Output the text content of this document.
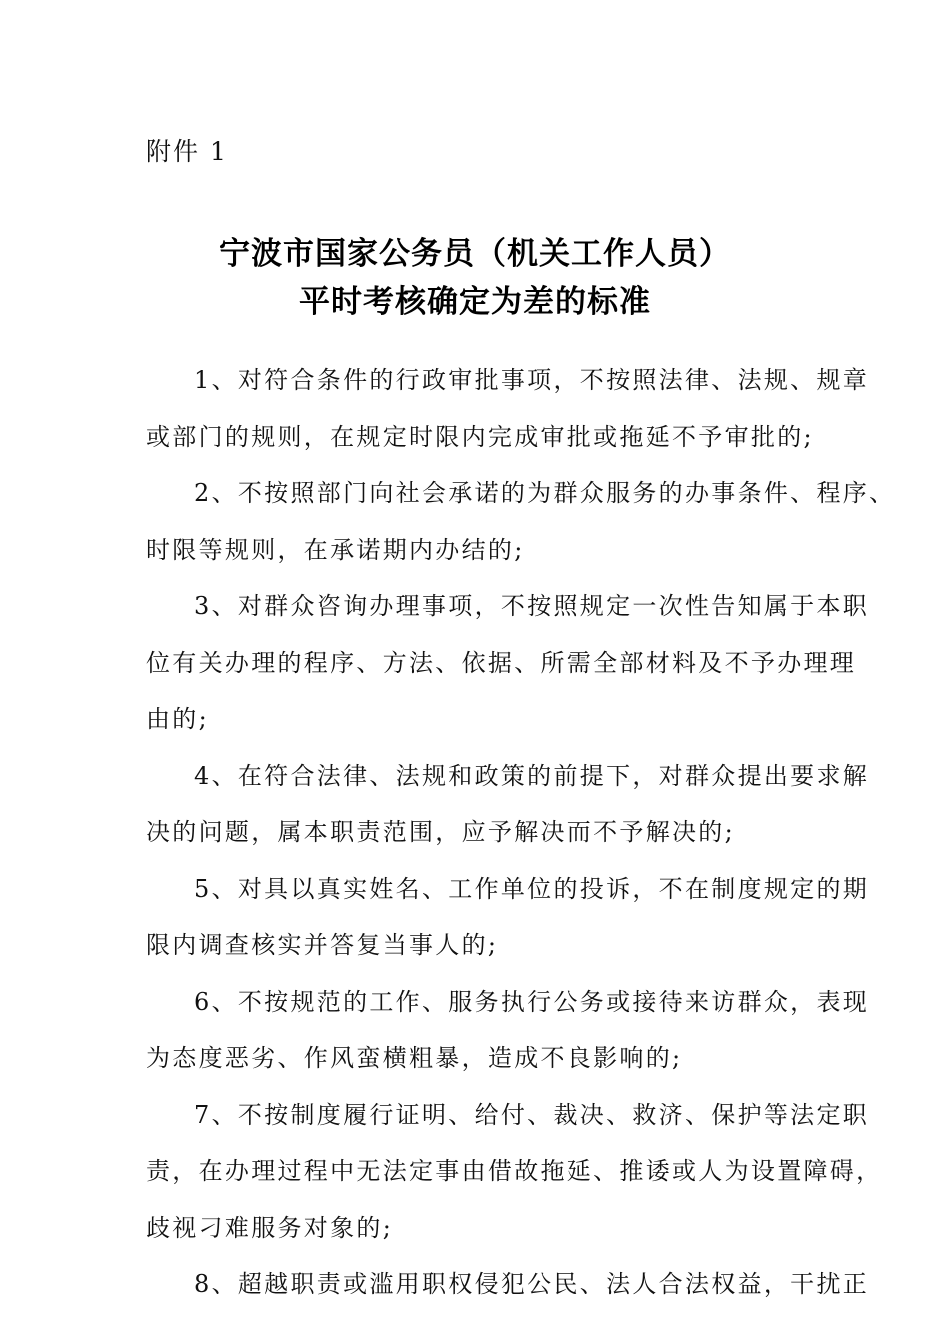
附件 1
宁波市国家公务员（机关工作人员）
平时考核确定为差的标准
1、对符合条件的行政审批事项，不按照法律、法规、规章
或部门的规则，在规定时限内完成审批或拖延不予审批的;
2、不按照部门向社会承诺的为群众服务的办事条件、程序、
时限等规则，在承诺期内办结的;
3、对群众咨询办理事项，不按照规定一次性告知属于本职
位有关办理的程序、方法、依据、所需全部材料及不予办理理
由的;
4、在符合法律、法规和政策的前提下，对群众提出要求解
决的问题，属本职责范围，应予解决而不予解决的;
5、对具以真实姓名、工作单位的投诉，不在制度规定的期
限内调查核实并答复当事人的;
6、不按规范的工作、服务执行公务或接待来访群众，表现
为态度恶劣、作风蛮横粗暴，造成不良影响的;
7、不按制度履行证明、给付、裁决、救济、保护等法定职
责，在办理过程中无法定事由借故拖延、推诿或人为设置障碍，
歧视刁难服务对象的;
8、超越职责或滥用职权侵犯公民、法人合法权益，干扰正
